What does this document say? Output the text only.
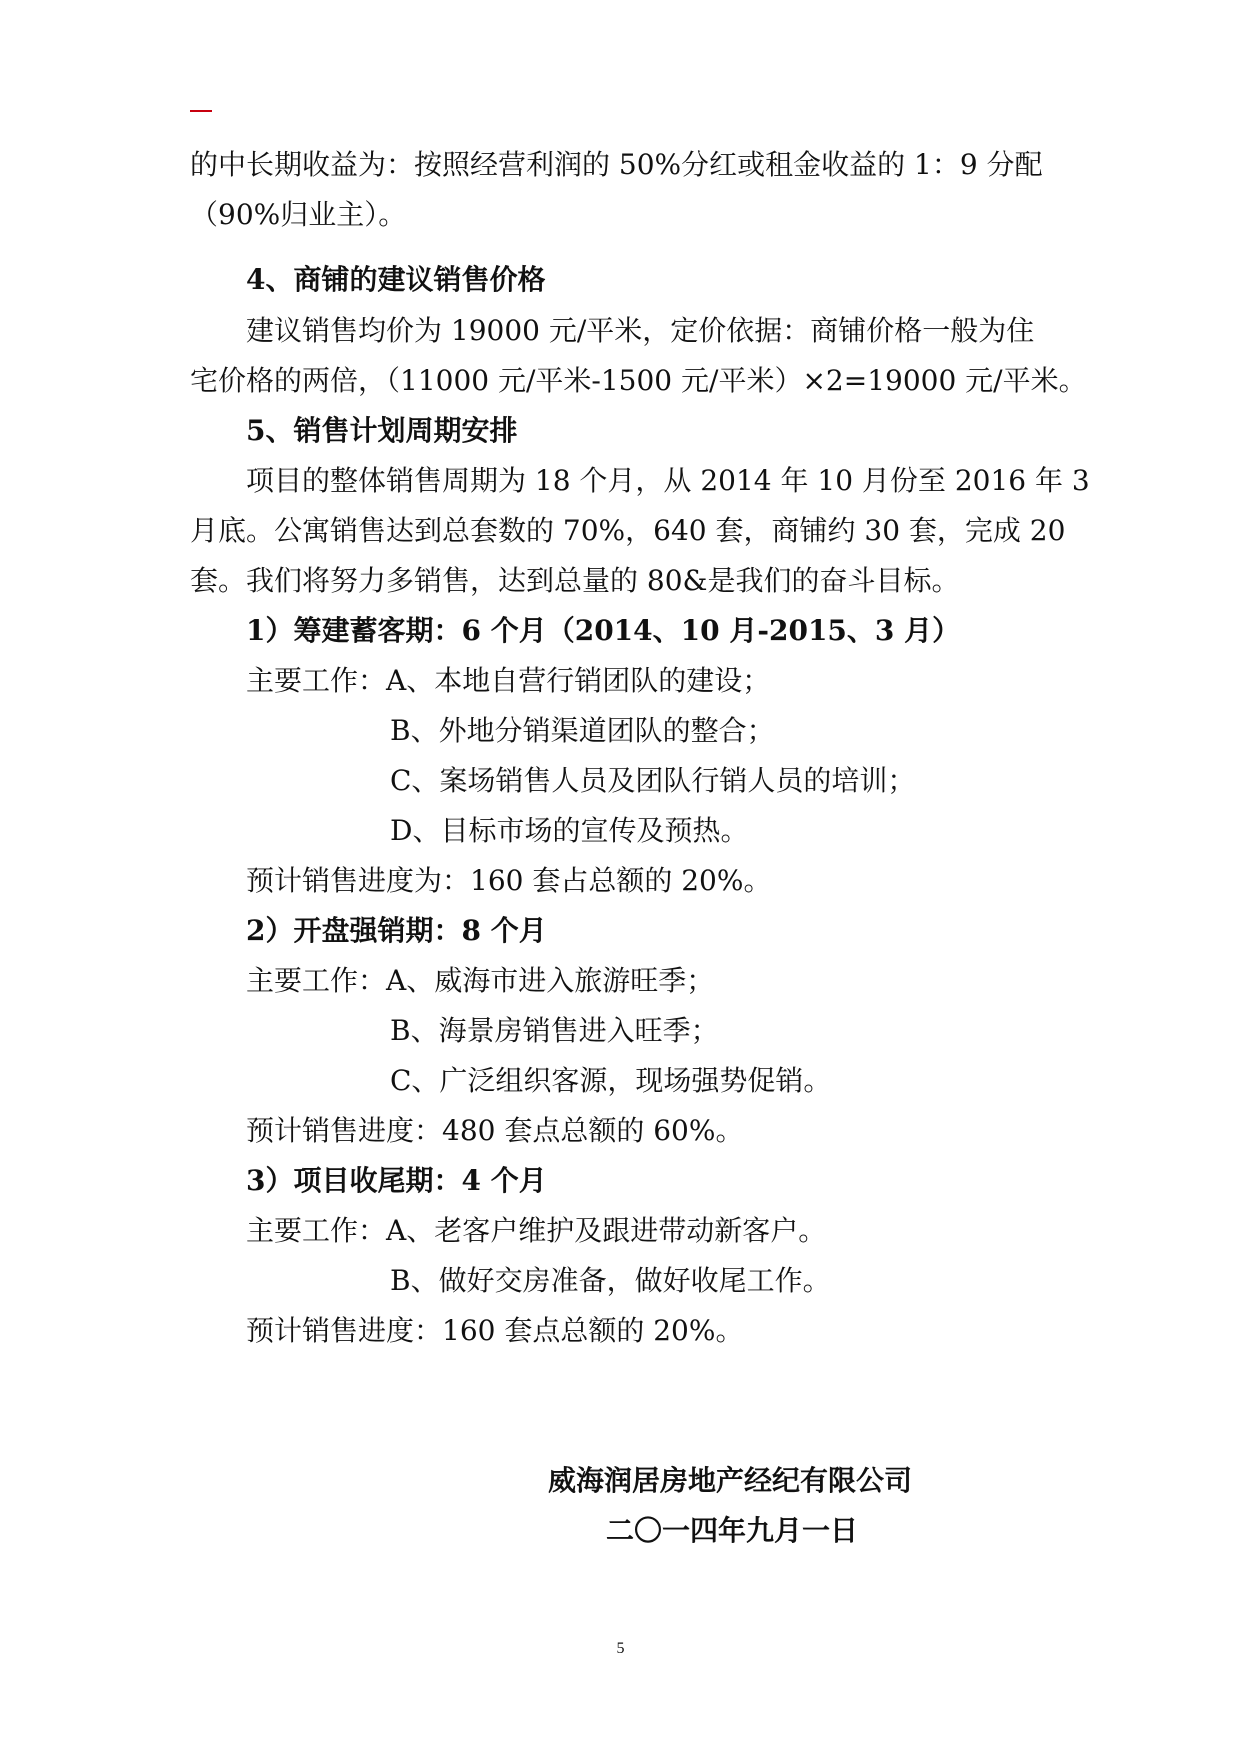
的中长期收益为：按照经营利润的 50%分红或租金收益的 1：9 分配
（90%归业主）。
4、商铺的建议销售价格
建议销售均价为 19000 元/平米，定价依据：商铺价格一般为住
宅价格的两倍，（11000 元/平米-1500 元/平米）×2=19000 元/平米。
5、销售计划周期安排
项目的整体销售周期为 18 个月，从 2014 年 10 月份至 2016 年 3
月底。公寓销售达到总套数的 70%，640 套，商铺约 30 套，完成 20
套。我们将努力多销售，达到总量的 80&是我们的奋斗目标。
1）筹建蓄客期：6 个月（2014、10 月-2015、3 月）
主要工作：A、本地自营行销团队的建设；
B、外地分销渠道团队的整合；
C、案场销售人员及团队行销人员的培训；
D、目标市场的宣传及预热。
预计销售进度为：160 套占总额的 20%。
2）开盘强销期：8 个月
主要工作：A、威海市进入旅游旺季；
B、海景房销售进入旺季；
C、广泛组织客源，现场强势促销。
预计销售进度：480 套点总额的 60%。
3）项目收尾期：4 个月
主要工作：A、老客户维护及跟进带动新客户。
B、做好交房准备，做好收尾工作。
预计销售进度：160 套点总额的 20%。
威海润居房地产经纪有限公司
二〇一四年九月一日
5
